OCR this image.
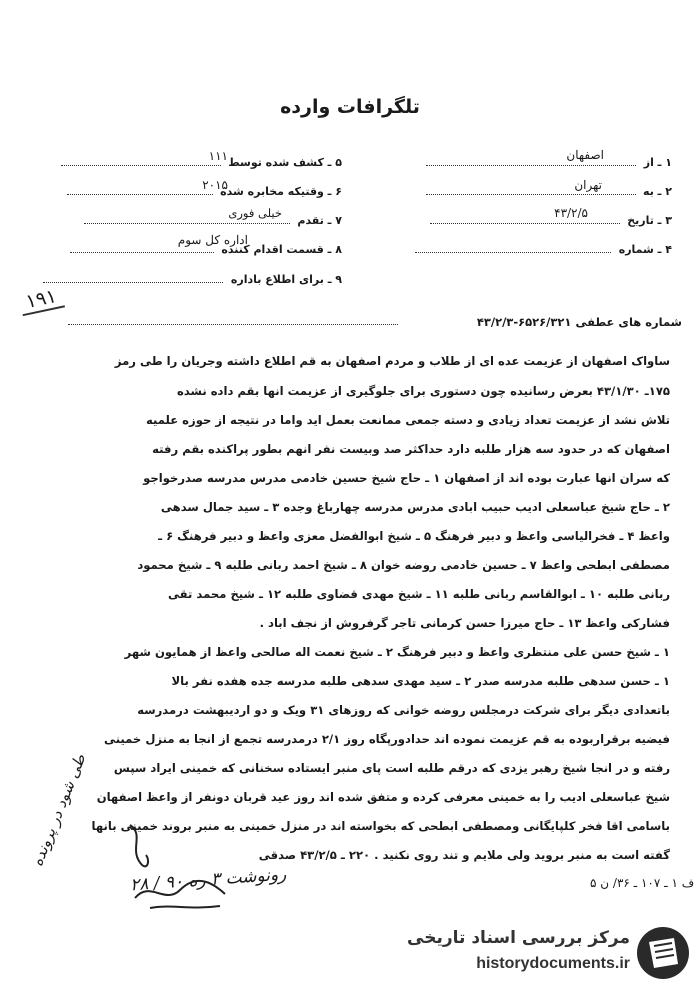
تلگرافات وارده
۱ ـ از
اصفهان
۲ ـ به
تهران
۳ ـ تاریخ
۴۳/۲/۵
۴ ـ شماره
۵ ـ کشف شده توسط
۱۱۱
۶ ـ وقتیکه مخابره شده
۲۰۱۵
۷ ـ تقدم
خیلی فوری
۸ ـ قسمت اقدام کننده
اداره کل سوم
۹ ـ برای اطلاع باداره
۱۹۱
شماره های عطفی ۶۵۲۶/۳۲۱-۴۳/۲/۳
ساواک اصفهان از عزیمت عده ای از طلاب و مردم اصفهان به قم اطلاع داشته وجریان را طی رمز
۱۷۵ـ ۴۳/۱/۳۰ بعرض رسانیده چون دستوری برای جلوگیری از عزیمت انها بقم داده نشده
تلاش نشد از عزیمت تعداد زیادی و دسته جمعی ممانعت بعمل اید واما در نتیجه از حوزه علمیه
اصفهان که در حدود سه هزار طلبه دارد حداکثر صد وبیست نفر انهم بطور پراکنده بقم رفته
که سران انها عبارت بوده اند از اصفهان ۱ ـ حاج شیخ حسین خادمی مدرس مدرسه صدرخواجو
۲ ـ حاج شیخ عباسعلی ادیب حبیب ابادی مدرس مدرسه چهارباغ وجده ۳ ـ سید جمال سدهی
واعظ ۴ ـ فخرالیاسی واعظ و دبیر فرهنگ ۵ ـ شیخ ابوالفضل معزی واعظ و دبیر فرهنگ ۶ ـ
مصطفی ابطحی واعظ ۷ ـ حسین خادمی روضه خوان ۸ ـ شیخ احمد ربانی طلبه ۹ ـ شیخ محمود
ربانی طلبه ۱۰ ـ ابوالقاسم ربانی طلبه ۱۱ ـ شیخ مهدی قضاوی طلبه ۱۲ ـ شیخ محمد تقی
فشارکی واعظ ۱۳ ـ حاج میرزا حسن کرمانی تاجر گرفروش از نجف اباد .
۱ ـ شیخ حسن علی منتظری واعظ و دبیر فرهنگ ۲ ـ شیخ نعمت اله صالحی واعظ از همایون شهر
۱ ـ حسن سدهی طلبه مدرسه صدر ۲ ـ سید مهدی سدهی طلبه مدرسه جده هفده نفر بالا
باتعدادی دیگر برای شرکت درمجلس روضه خوانی که روزهای ۳۱ ویک و دو اردیبهشت درمدرسه
فیضیه برقراربوده به قم عزیمت نموده اند حدادورپگاه روز ۲/۱ درمدرسه تجمع از انجا به منزل خمینی
رفته و در انجا شیخ رهبر یزدی که درقم طلبه است پای منبر ایستاده سخنانی که خمینی ایراد سپس
شیخ عباسعلی ادیب را به خمینی معرفی کرده و متفق شده اند روز عید قربان دونفر از واعظ اصفهان
باسامی اقا فخر کلپایگانی ومصطفی ابطحی که بخواسته اند در منزل خمینی به منبر بروند خمینی بانها
گفته است به منبر بروید ولی ملایم و تند روی نکنید . ۲۲۰ ـ ۴۳/۲/۵ صدقی
رونوشت ۳ ره ۹۰ / ۲۸
طی شود در پرونده
ف ۱ ـ ۱۰۷ ـ ۳۶/ ن ۵
مرکز بررسی اسناد تاریخی
historydocuments.ir
